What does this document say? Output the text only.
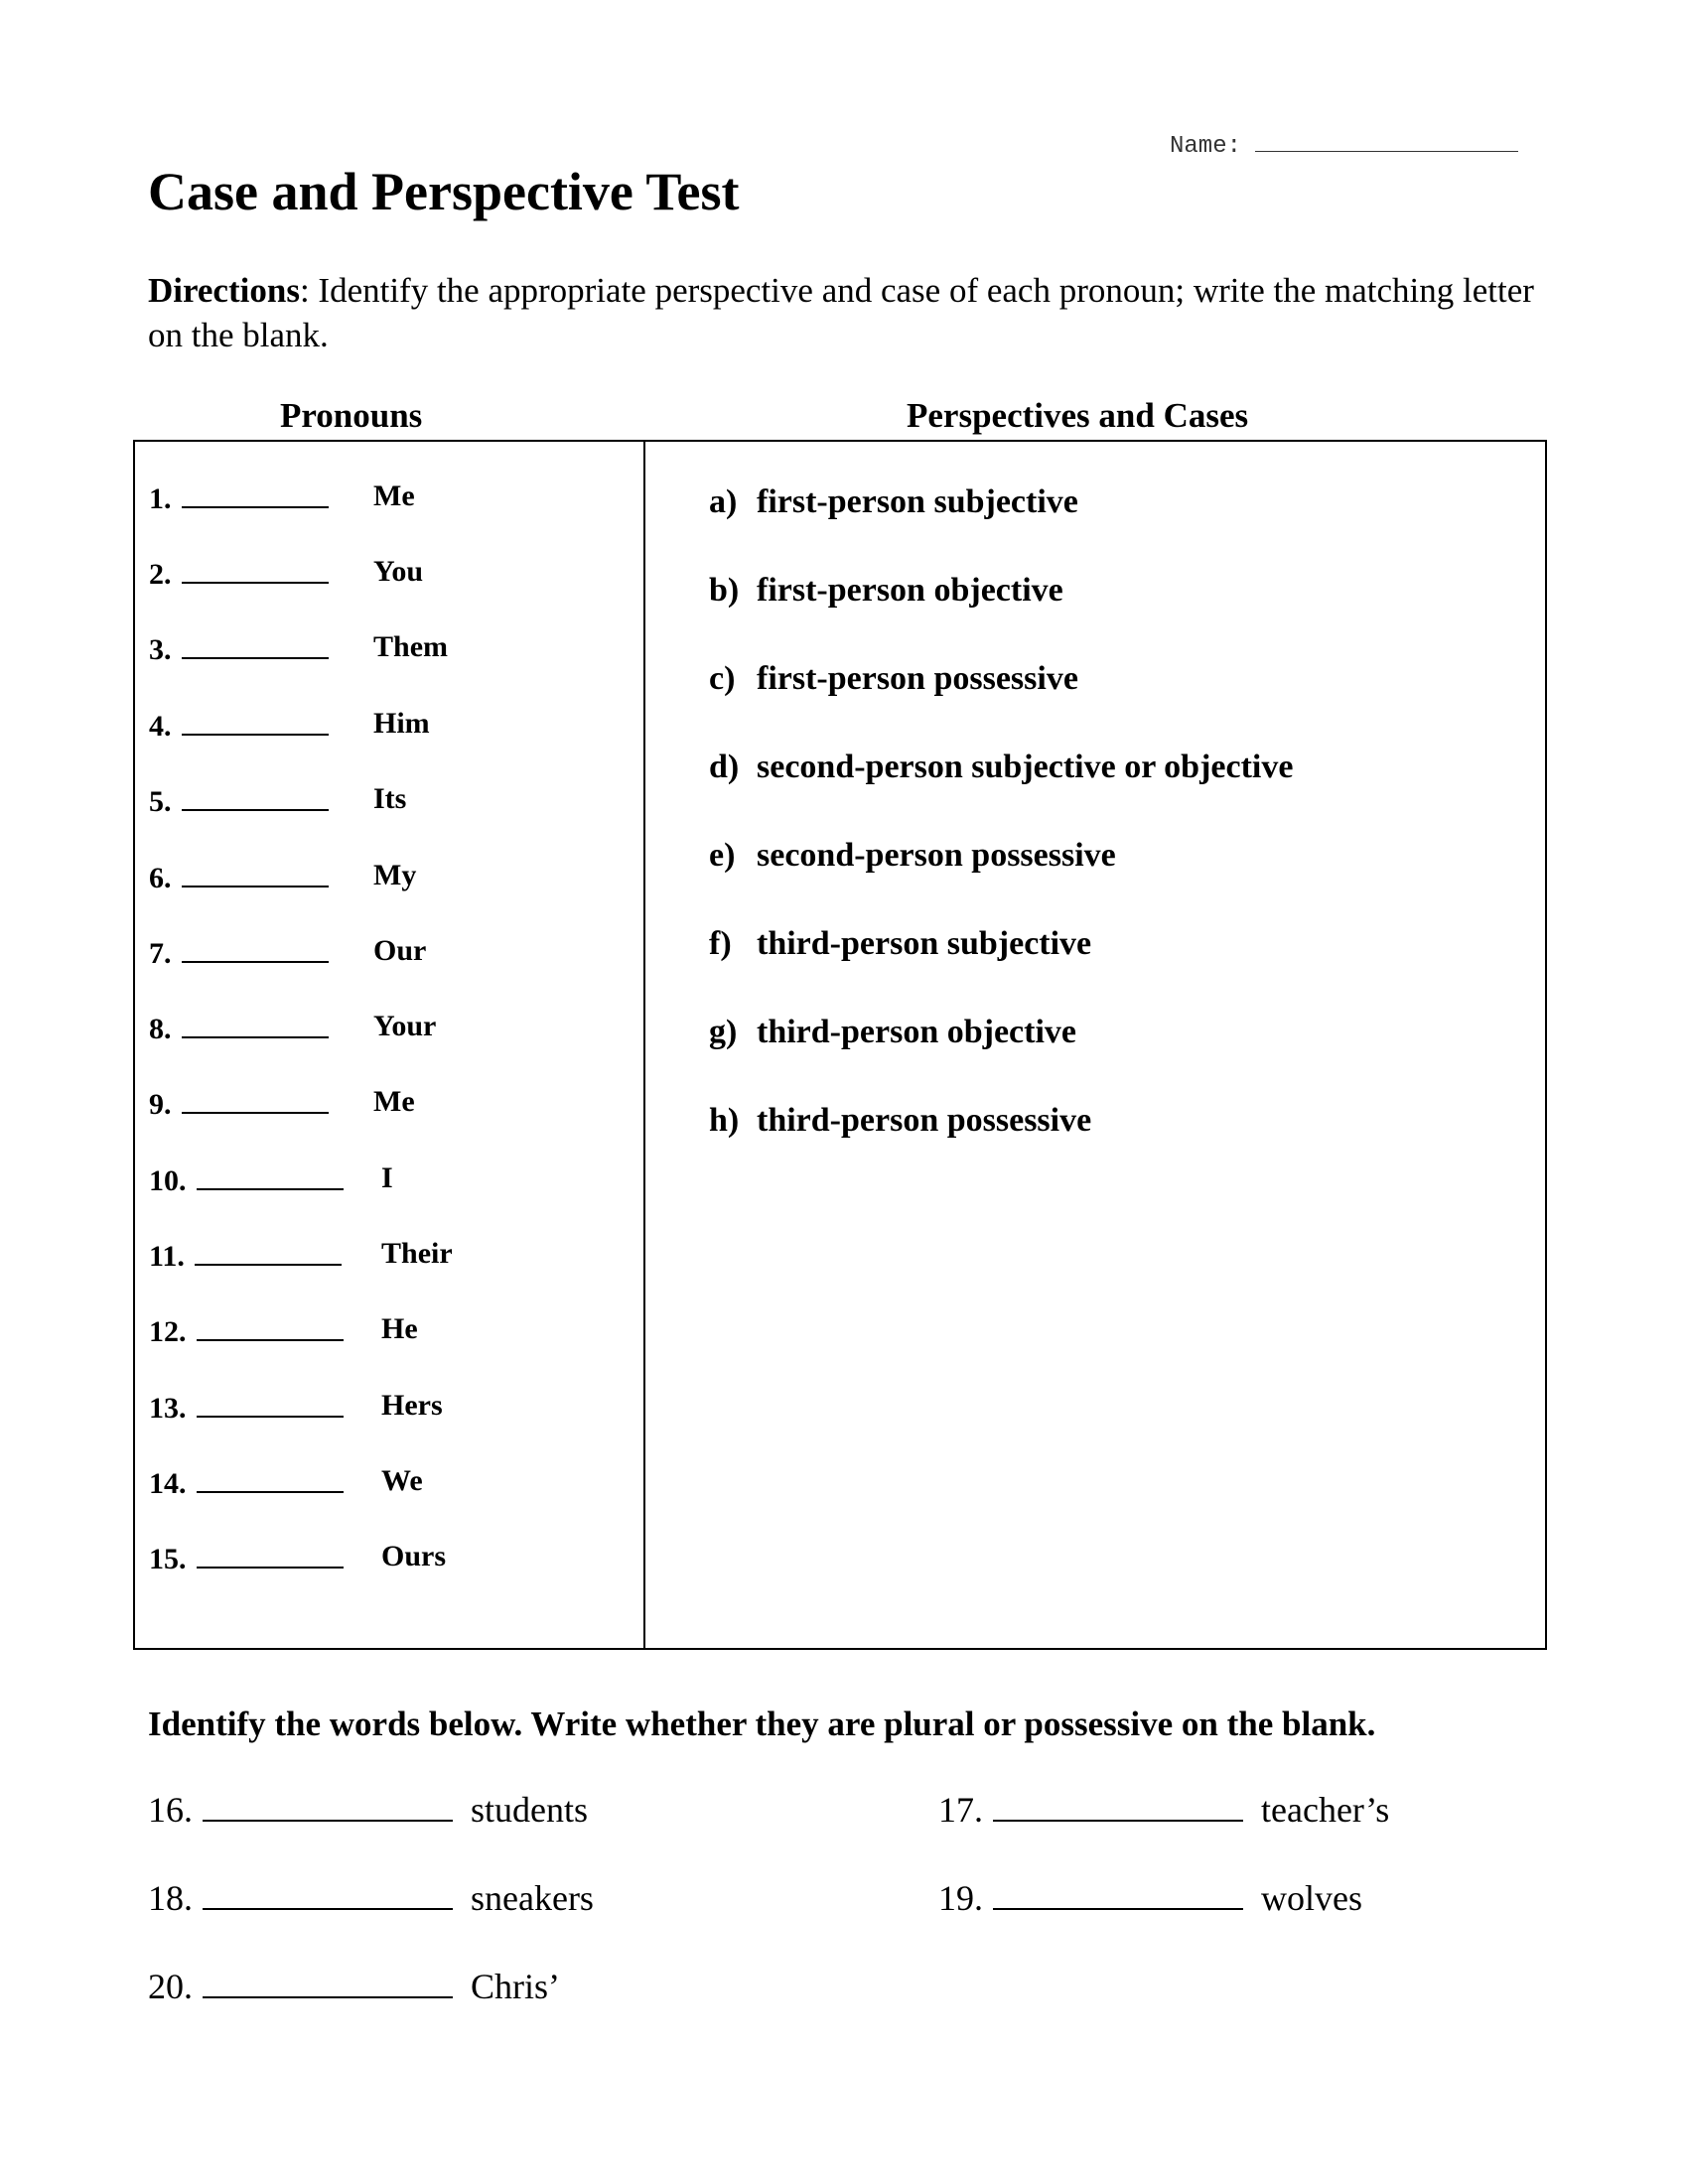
Name:
Case and Perspective Test

Directions: Identify the appropriate perspective and case of each pronoun; write the matching letter on the blank.

Pronouns	Perspectives and Cases
1.	Me
2.	You
3.	Them
4.	Him
5.	Its
6.	My
7.	Our
8.	Your
9.	Me
10.	I
11.	Their
12.	He
13.	Hers
14.	We
15.	Ours
a) first-person subjective
b) first-person objective
c) first-person possessive
d) second-person subjective or objective
e) second-person possessive
f) third-person subjective
g) third-person objective
h) third-person possessive

Identify the words below. Write whether they are plural or possessive on the blank.

16.	students	17.	teacher’s
18.	sneakers	19.	wolves
20.	Chris’
